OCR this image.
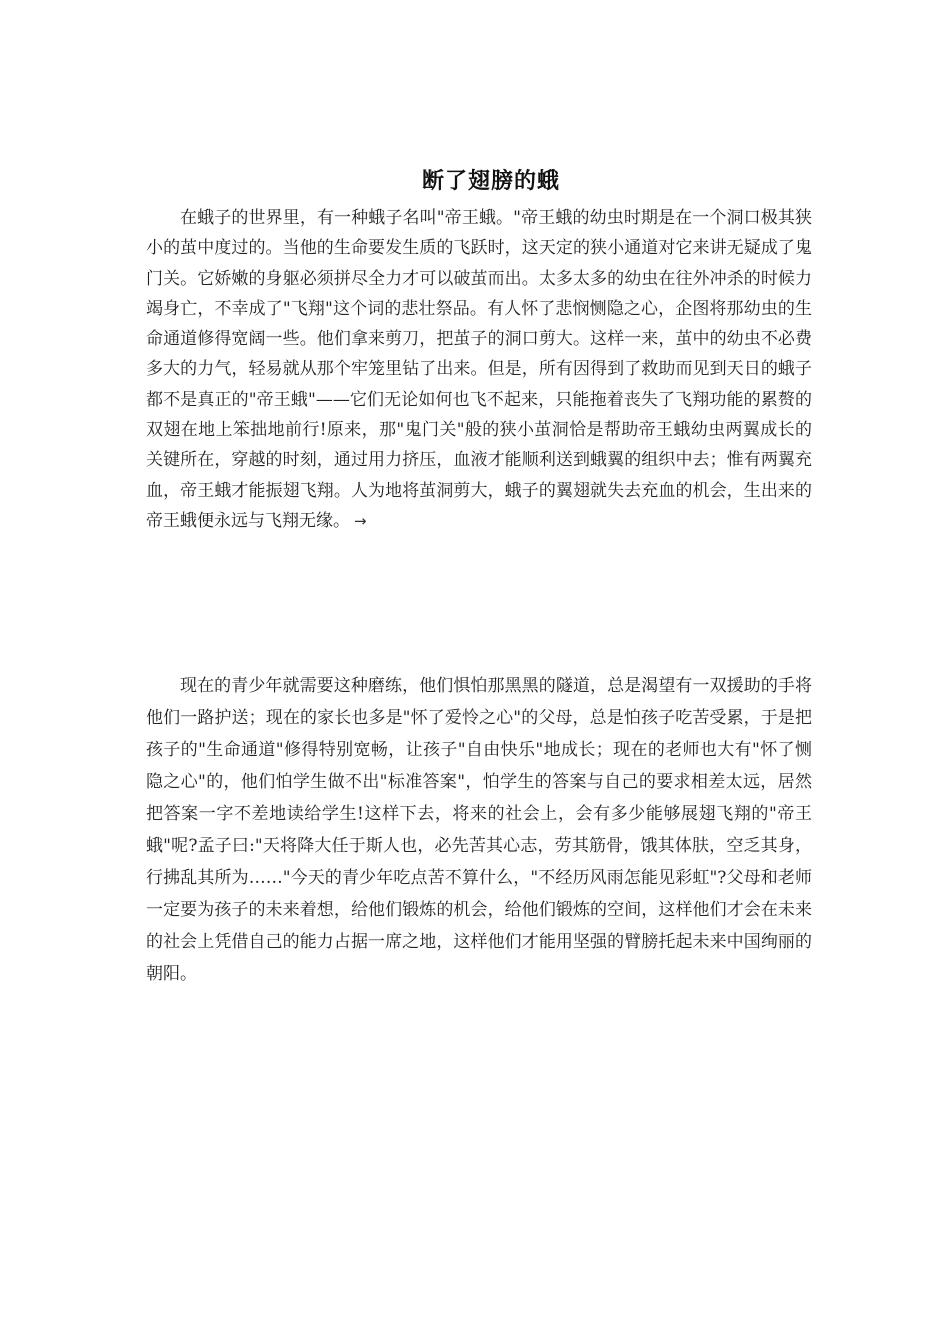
断了翅膀的蛾

在蛾子的世界里，有一种蛾子名叫"帝王蛾。"帝王蛾的幼虫时期是在一个洞口极其狭小的茧中度过的。当他的生命要发生质的飞跃时，这天定的狭小通道对它来讲无疑成了鬼门关。它娇嫩的身躯必须拼尽全力才可以破茧而出。太多太多的幼虫在往外冲杀的时候力竭身亡，不幸成了"飞翔"这个词的悲壮祭品。有人怀了悲悯恻隐之心，企图将那幼虫的生命通道修得宽阔一些。他们拿来剪刀，把茧子的洞口剪大。这样一来，茧中的幼虫不必费多大的力气，轻易就从那个牢笼里钻了出来。但是，所有因得到了救助而见到天日的蛾子都不是真正的"帝王蛾"——它们无论如何也飞不起来，只能拖着丧失了飞翔功能的累赘的双翅在地上笨拙地前行!原来，那"鬼门关"般的狭小茧洞恰是帮助帝王蛾幼虫两翼成长的关键所在，穿越的时刻，通过用力挤压，血液才能顺利送到蛾翼的组织中去；惟有两翼充血，帝王蛾才能振翅飞翔。人为地将茧洞剪大，蛾子的翼翅就失去充血的机会，生出来的帝王蛾便永远与飞翔无缘。 →

现在的青少年就需要这种磨练，他们惧怕那黑黑的隧道，总是渴望有一双援助的手将他们一路护送；现在的家长也多是"怀了爱怜之心"的父母，总是怕孩子吃苦受累，于是把孩子的"生命通道"修得特别宽畅，让孩子"自由快乐"地成长；现在的老师也大有"怀了恻隐之心"的，他们怕学生做不出"标准答案"，怕学生的答案与自己的要求相差太远，居然把答案一字不差地读给学生!这样下去，将来的社会上，会有多少能够展翅飞翔的"帝王蛾"呢?孟子曰:"天将降大任于斯人也，必先苦其心志，劳其筋骨，饿其体肤，空乏其身，行拂乱其所为……"今天的青少年吃点苦不算什么，"不经历风雨怎能见彩虹"?父母和老师一定要为孩子的未来着想，给他们锻炼的机会，给他们锻炼的空间，这样他们才会在未来的社会上凭借自己的能力占据一席之地，这样他们才能用坚强的臂膀托起未来中国绚丽的朝阳。
